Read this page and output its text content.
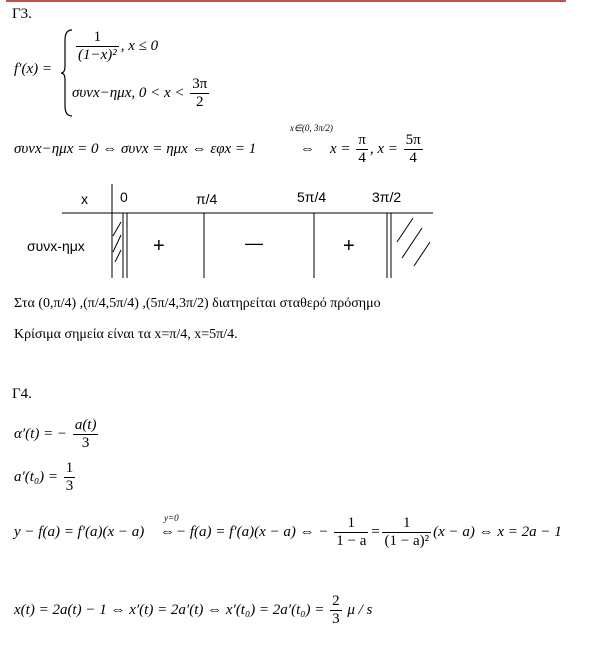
Γ3.
f′(x) =
$\frac{1}{\text{(1−x)²}}$ , x ≤ 0
συνx−ημx, $0 < x < \frac{3\pi}{2}$
συνx−ημx = 0 ⇔ συνx = ημx ⇔ εφx = 1
x∈(0, 3π/2)
⇔ $x = \frac{\pi}{4}$ , $x = \frac{5\pi}{4}$
x 0	π/4	5π/4	3π/2
συνx-ημx	+	—	+
Στα (0,π/4) ,(π/4,5π/4) ,(5π/4,3π/2) διατηρείται σταθερό πρόσημο
Κρίσιμα σημεία είναι τα x=π/4, x=5π/4.
Γ4.
α′(t) = − $\frac{a(t)}{3}$
$a'(t_0) = \frac{1}{3}$
y − f(a) = f′(a)(x − a)
y=0
⇔ − f(a) = f′(a)(x − a) ⇔ − $\frac{1}{1 - a} = \frac{1}{\text{(1 − a)²}} (x - a)$ ⇔ x = 2a − 1
x(t) = 2a(t) − 1 ⇔ x′(t) = 2a′(t) ⇔ $x'(t_0) = 2a'(t_0) = \frac{2}{3}$ μ / s
